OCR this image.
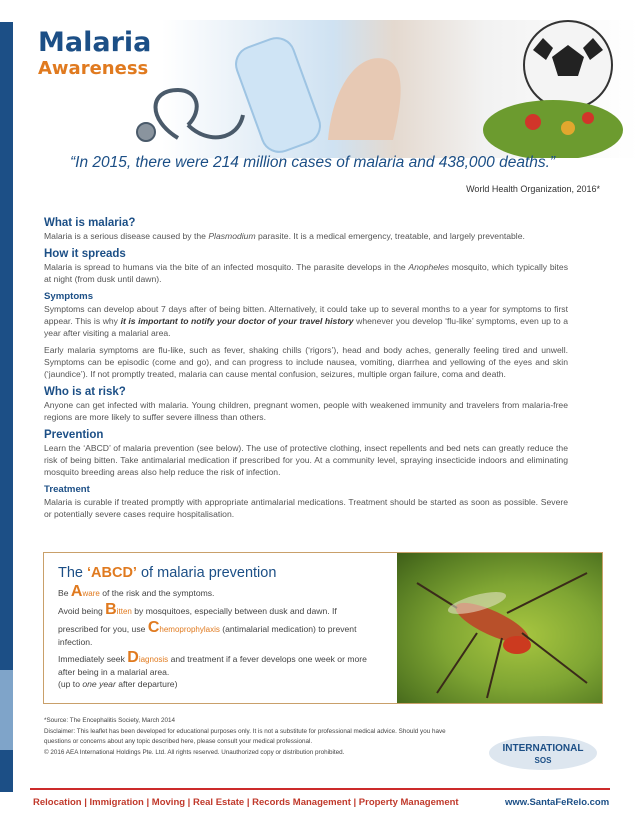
Malaria
Awareness
“In 2015, there were 214 million cases of malaria and 438,000 deaths.”
World Health Organization, 2016*
What is malaria?

Malaria is a serious disease caused by the Plasmodium parasite. It is a medical emergency, treatable, and largely preventable.

How it spreads

Malaria is spread to humans via the bite of an infected mosquito. The parasite develops in the Anopheles mosquito, which typically bites at night (from dusk until dawn).

Symptoms

Symptoms can develop about 7 days after of being bitten. Alternatively, it could take up to several months to a year for symptoms to first appear. This is why it is important to notify your doctor of your travel history whenever you develop ‘flu-like’ symptoms, even up to a year after visiting a malarial area.

Early malaria symptoms are flu-like, such as fever, shaking chills (‘rigors’), head and body aches, generally feeling tired and unwell. Symptoms can be episodic (come and go), and can progress to include nausea, vomiting, diarrhea and yellowing of the eyes and skin (‘jaundice’). If not promptly treated, malaria can cause mental confusion, seizures, multiple organ failure, coma and death.

Who is at risk?

Anyone can get infected with malaria. Young children, pregnant women, people with weakened immunity and travelers from malaria-free regions are more likely to suffer severe illness than others.

Prevention

Learn the ‘ABCD’ of malaria prevention (see below). The use of protective clothing, insect repellents and bed nets can greatly reduce the risk of being bitten. Take antimalarial medication if prescribed for you. At a community level, spraying insecticide indoors and eliminating mosquito breeding areas also help reduce the risk of infection.

Treatment

Malaria is curable if treated promptly with appropriate antimalarial medications. Treatment should be started as soon as possible. Severe or potentially severe cases require hospitalisation.

The ‘ABCD’ of malaria prevention
Be Aware of the risk and the symptoms.
Avoid being Bitten by mosquitoes, especially between dusk and dawn. If
prescribed for you, use Chemoprophylaxis (antimalarial medication) to prevent infection.
Immediately seek Diagnosis and treatment if a fever develops one week or more after being in a malarial area.
(up to one year after departure)

*Source: The Encephalitis Society, March 2014

Disclaimer: This leaflet has been developed for educational purposes only. It is not a substitute for professional medical advice. Should you have questions or concerns about any topic described here, please consult your medical professional.

© 2016 AEA International Holdings Pte. Ltd. All rights reserved. Unauthorized copy or distribution prohibited.	INTERNATIONAL
SOS
Relocation | Immigration | Moving | Real Estate | Records Management | Property Management	www.SantaFeRelo.com
